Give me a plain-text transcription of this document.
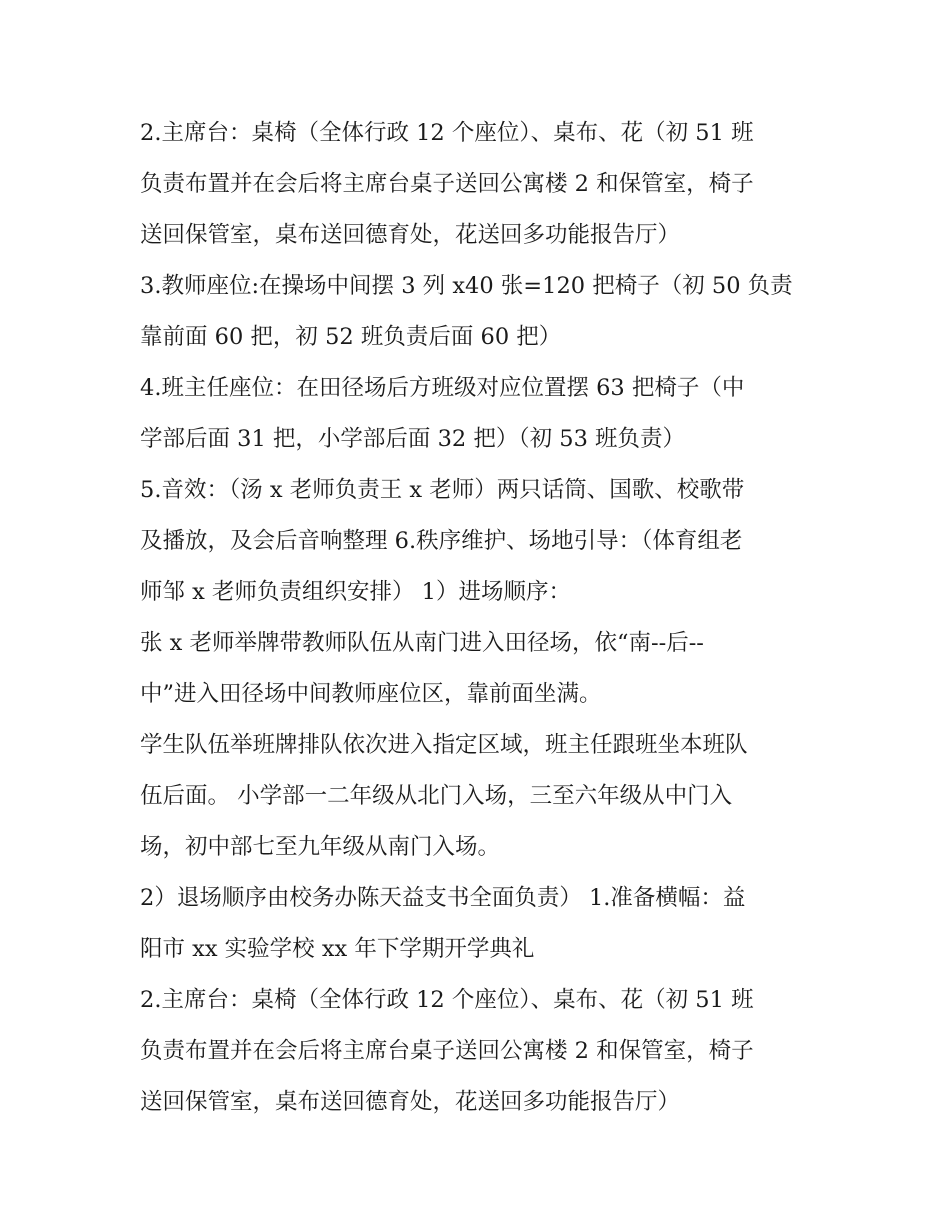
2.主席台：桌椅（全体行政 12 个座位）、桌布、花（初 51 班
负责布置并在会后将主席台桌子送回公寓楼 2 和保管室，椅子
送回保管室，桌布送回德育处，花送回多功能报告厅）
3.教师座位:在操场中间摆 3 列 x40 张=120 把椅子（初 50 负责
靠前面 60 把，初 52 班负责后面 60 把）
4.班主任座位：在田径场后方班级对应位置摆 63 把椅子（中
学部后面 31 把，小学部后面 32 把）（初 53 班负责）
5.音效：（汤 x 老师负责王 x 老师）两只话筒、国歌、校歌带
及播放，及会后音响整理 6.秩序维护、场地引导：（体育组老
师邹 x 老师负责组织安排） 1）进场顺序：
张 x 老师举牌带教师队伍从南门进入田径场，依“南--后--
中”进入田径场中间教师座位区，靠前面坐满。
学生队伍举班牌排队依次进入指定区域，班主任跟班坐本班队
伍后面。 小学部一二年级从北门入场，三至六年级从中门入
场，初中部七至九年级从南门入场。
2）退场顺序由校务办陈天益支书全面负责） 1.准备横幅：益
阳市 xx 实验学校 xx 年下学期开学典礼
2.主席台：桌椅（全体行政 12 个座位）、桌布、花（初 51 班
负责布置并在会后将主席台桌子送回公寓楼 2 和保管室，椅子
送回保管室，桌布送回德育处，花送回多功能报告厅）
